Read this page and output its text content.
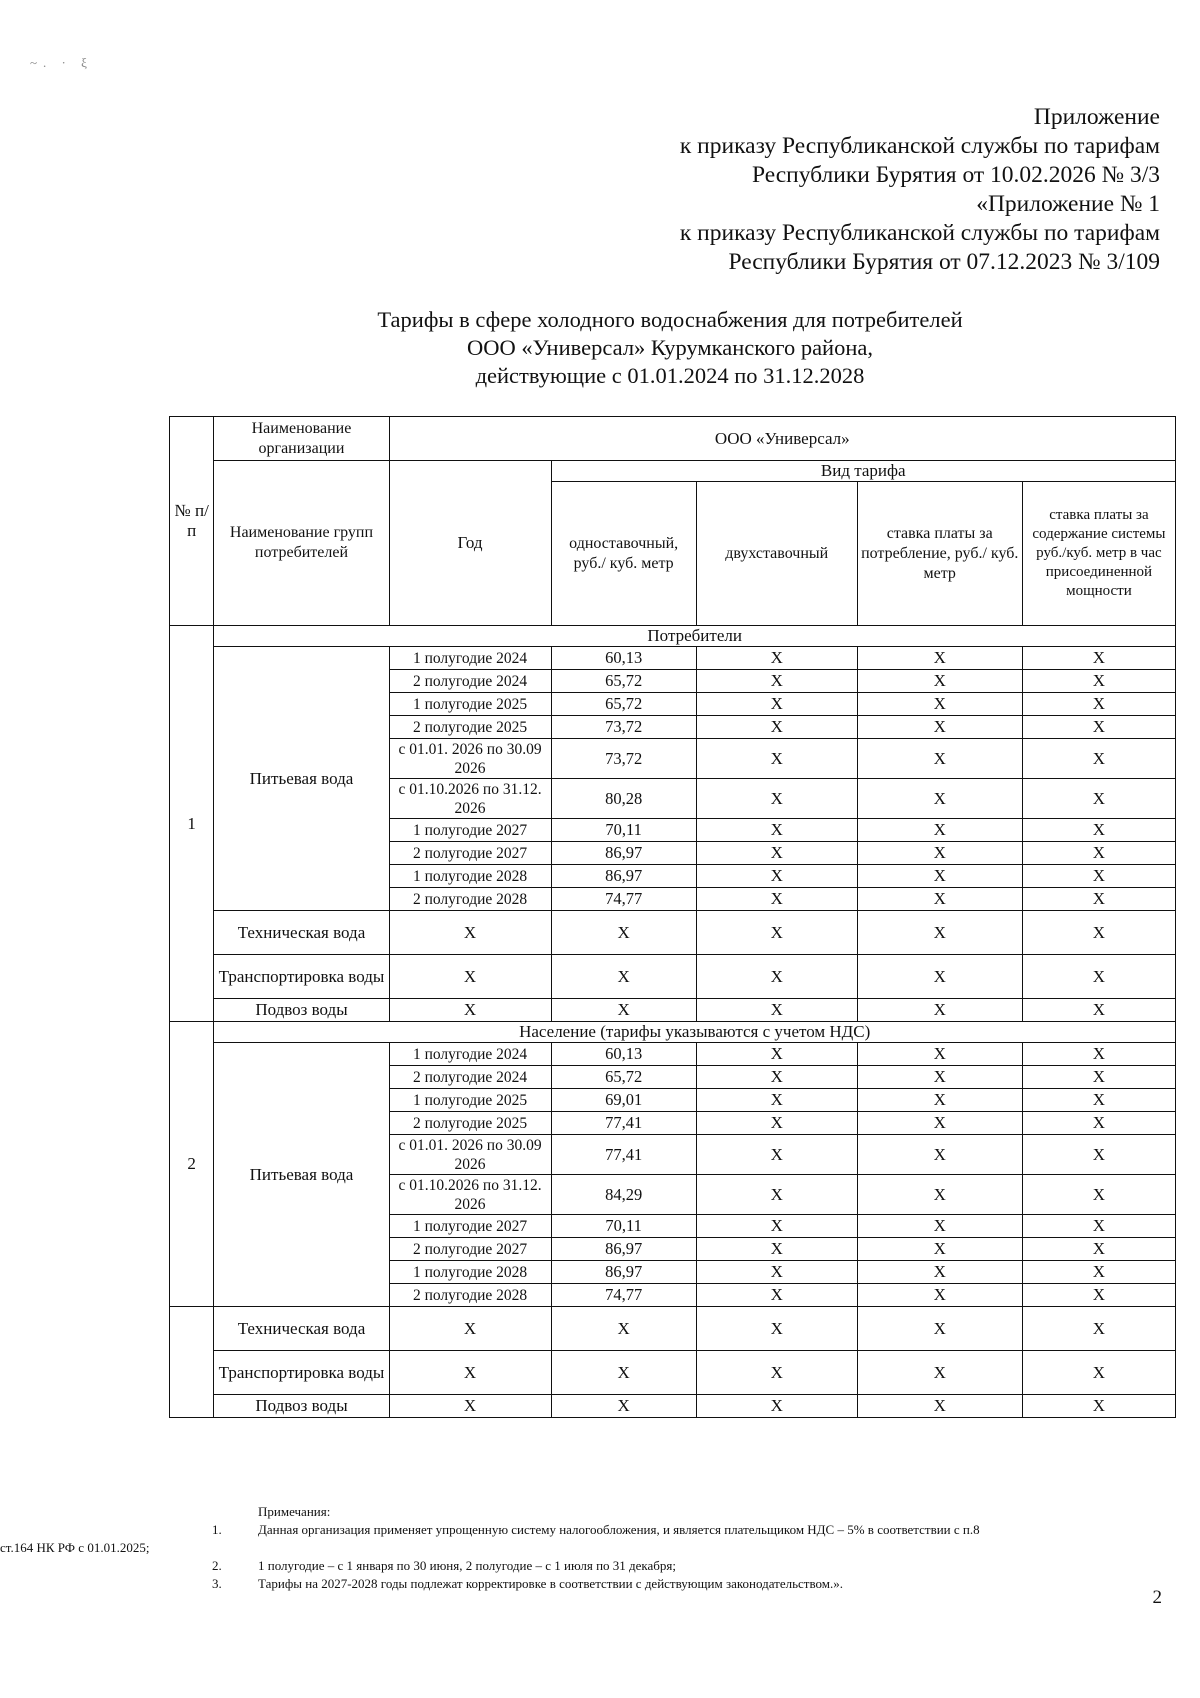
~. · ξ
Приложение
к приказу Республиканской службы по тарифам
Республики Бурятия от 10.02.2026 № 3/3
«Приложение № 1
к приказу Республиканской службы по тарифам
Республики Бурятия от 07.12.2023 № 3/109
Тарифы в сфере холодного водоснабжения для потребителей
ООО «Универсал» Курумканского района,
действующие с 01.01.2024 по 31.12.2028
№ п/п	Наименование организации	ООО «Универсал»				
	Наименование групп потребителей	Год	Вид тарифа			
			одноставочный, руб./ куб. метр	двухставочный	ставка платы за потребление, руб./ куб. метр	ставка платы за содержание системы руб./куб. метр в час присоединенной мощности
1	Потребители					
	Питьевая вода	1 полугодие 2024	60,13	X	X	X
		2 полугодие 2024	65,72	X	X	X
		1 полугодие 2025	65,72	X	X	X
		2 полугодие 2025	73,72	X	X	X
		с 01.01. 2026 по 30.09 2026	73,72	X	X	X
		с 01.10.2026 по 31.12. 2026	80,28	X	X	X
		1 полугодие 2027	70,11	X	X	X
		2 полугодие 2027	86,97	X	X	X
		1 полугодие 2028	86,97	X	X	X
		2 полугодие 2028	74,77	X	X	X
	Техническая вода	X	X	X	X	X
	Транспортировка воды	X	X	X	X	X
	Подвоз воды	X	X	X	X	X
2	Население (тарифы указываются с учетом НДС)					
	Питьевая вода	1 полугодие 2024	60,13	X	X	X
		2 полугодие 2024	65,72	X	X	X
		1 полугодие 2025	69,01	X	X	X
		2 полугодие 2025	77,41	X	X	X
		с 01.01. 2026 по 30.09 2026	77,41	X	X	X
		с 01.10.2026 по 31.12. 2026	84,29	X	X	X
		1 полугодие 2027	70,11	X	X	X
		2 полугодие 2027	86,97	X	X	X
		1 полугодие 2028	86,97	X	X	X
		2 полугодие 2028	74,77	X	X	X
	Техническая вода	X	X	X	X	X
	Транспортировка воды	X	X	X	X	X
	Подвоз воды	X	X	X	X	X
Примечания:
1.	Данная организация применяет упрощенную систему налогообложения, и является плательщиком НДС – 5% в соответствии с п.8
ст.164 НК РФ с 01.01.2025;
2.	1 полугодие – с 1 января по 30 июня, 2 полугодие – с 1 июля по 31 декабря;
3.	Тарифы на 2027-2028 годы подлежат корректировке в соответствии с действующим законодательством.».
2
